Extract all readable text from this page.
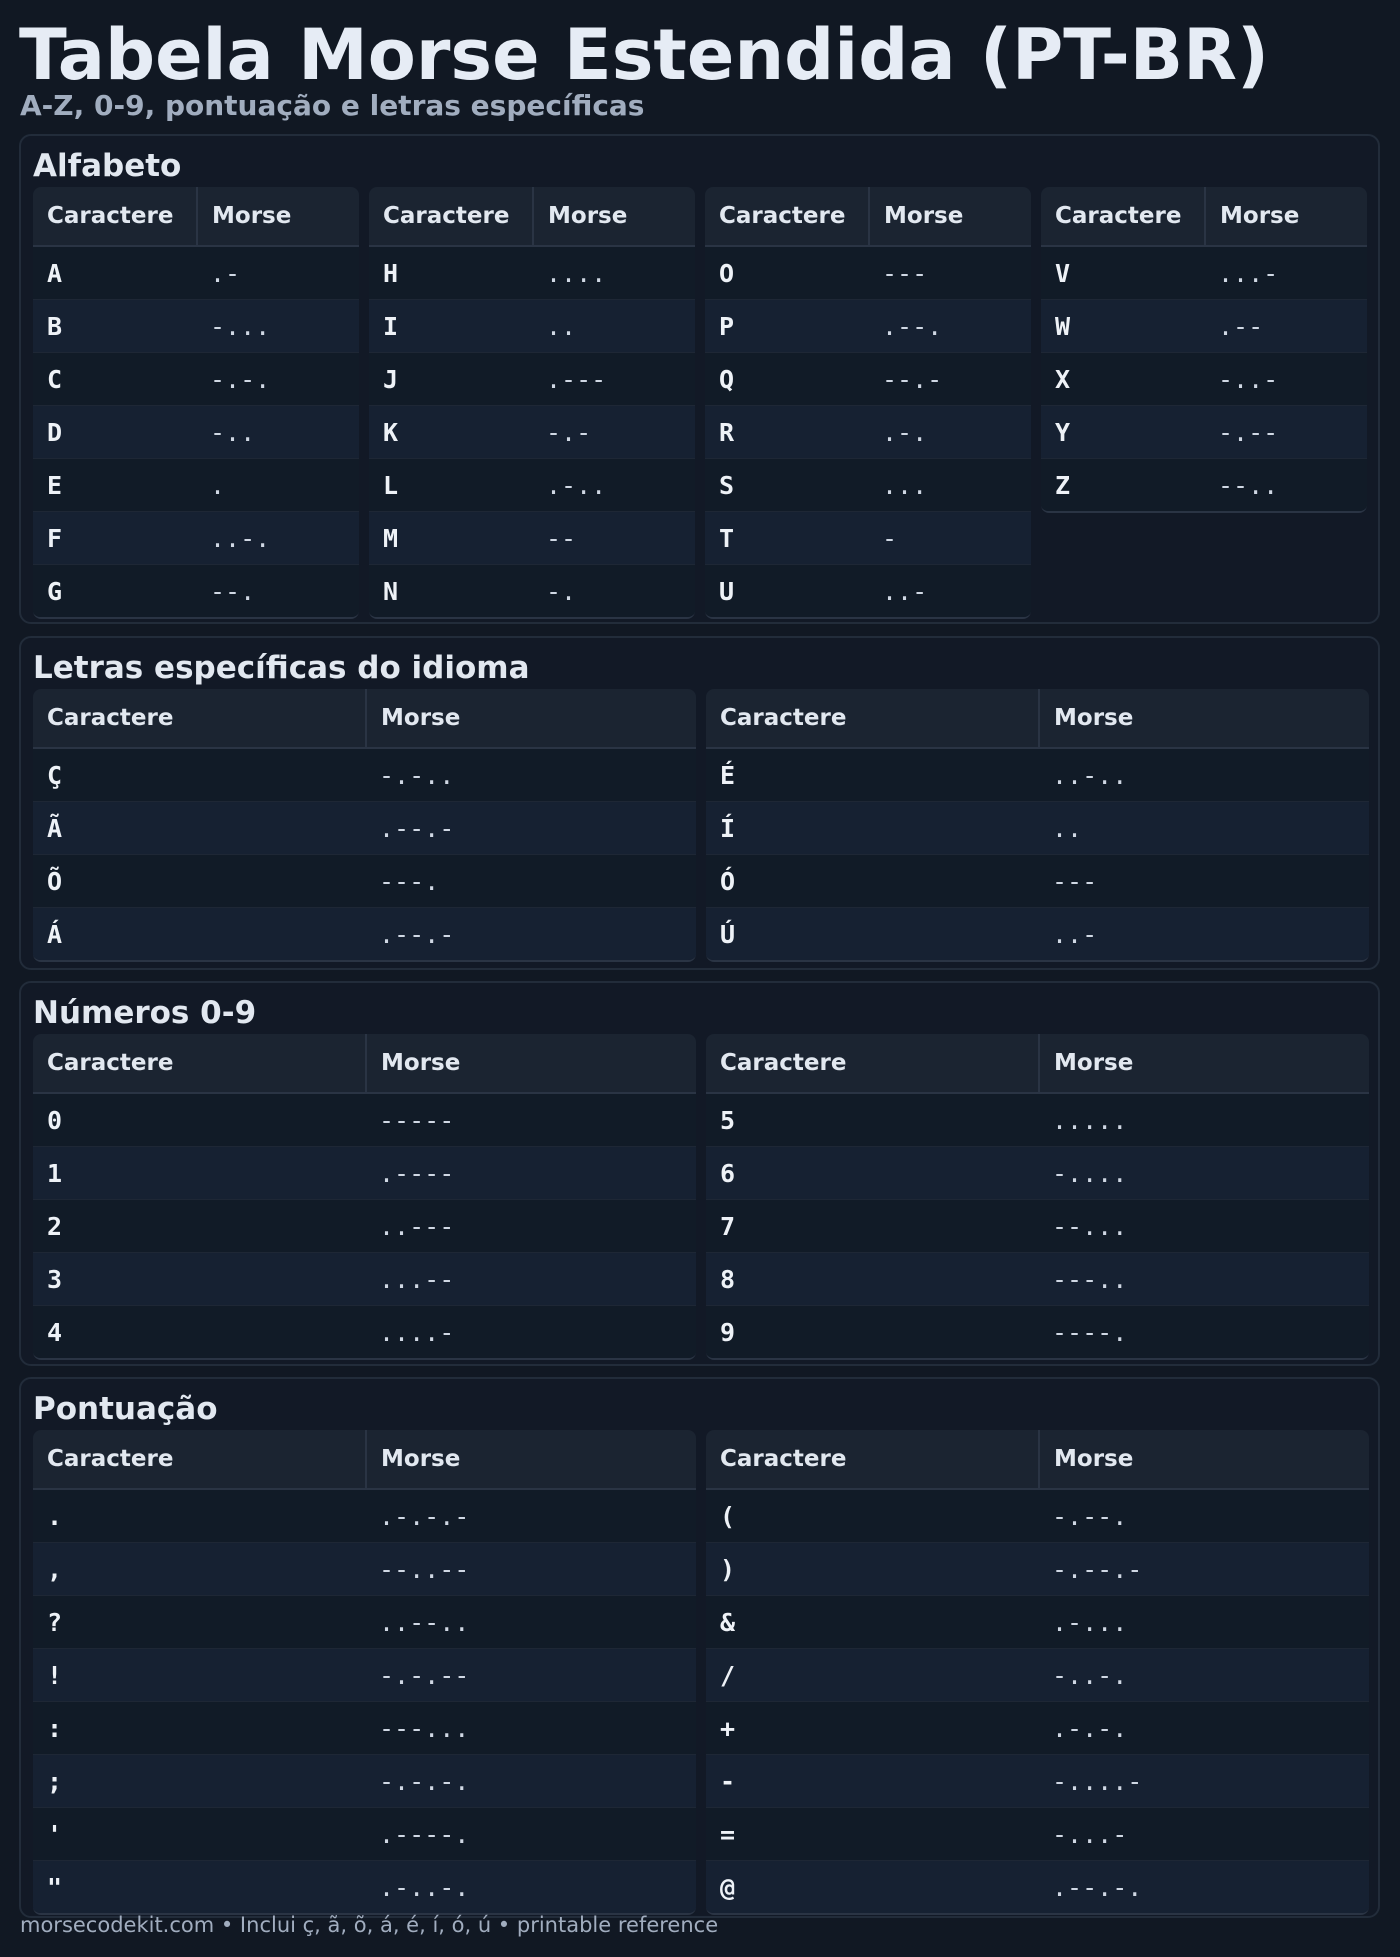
Tabela Morse Estendida (PT-BR)
A-Z, 0-9, pontuação e letras específicas
Alfabeto
Caractere	Morse
A	.-
B	-...
C	-.-.
D	-..
E	.
F	..-.
G	--.
Caractere	Morse
H	....
I	..
J	.---
K	-.-
L	.-..
M	--
N	-.
Caractere	Morse
O	---
P	.--.
Q	--.-
R	.-.
S	...
T	-
U	..-
Caractere	Morse
V	...-
W	.--
X	-..-
Y	-.--
Z	--..
Letras específicas do idioma
Caractere	Morse
Ç	-.-..
Ã	.--.-
Õ	---.
Á	.--.-
Caractere	Morse
É	..-..
Í	..
Ó	---
Ú	..-
Números 0-9
Caractere	Morse
0	-----
1	.----
2	..---
3	...--
4	....-
Caractere	Morse
5	.....
6	-....
7	--...
8	---..
9	----.
Pontuação
Caractere	Morse
.	.-.-.-
,	--..--
?	..--..
!	-.-.--
:	---...
;	-.-.-.
'	.----.
"	.-..-.
Caractere	Morse
(	-.--.
)	-.--.-
&	.-...
/	-..-.
+	.-.-.
-	-....-
=	-...-
@	.--.-.

morsecodekit.com • Inclui ç, ã, õ, á, é, í, ó, ú • printable reference
